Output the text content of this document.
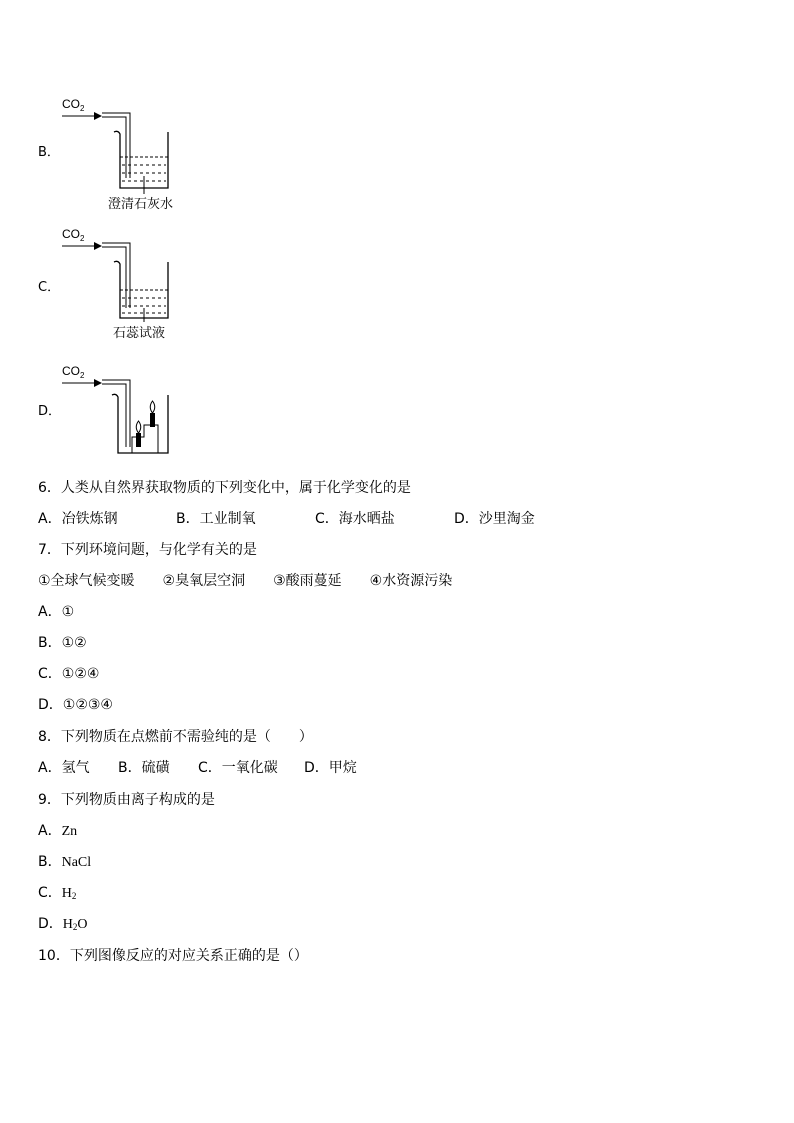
B．
$CO_2$
澄清石灰水
C．
$CO_2$
石蕊试液
D．
$CO_2$
6．人类从自然界获取物质的下列变化中，属于化学变化的是
A．冶铁炼钢	B．工业制氧	C．海水晒盐	D．沙里淘金
7．下列环境问题，与化学有关的是
①全球气候变暖　　②臭氧层空洞　　③酸雨蔓延　　④水资源污染
A．①
B．①②
C．①②④
D．①②③④
8．下列物质在点燃前不需验纯的是（　　）
A．氢气 B．硫磺 C．一氧化碳 D．甲烷
9．下列物质由离子构成的是
A．Zn
B．NaCl
C．$H_2$
D．$H_2O$
10．下列图像反应的对应关系正确的是（）
